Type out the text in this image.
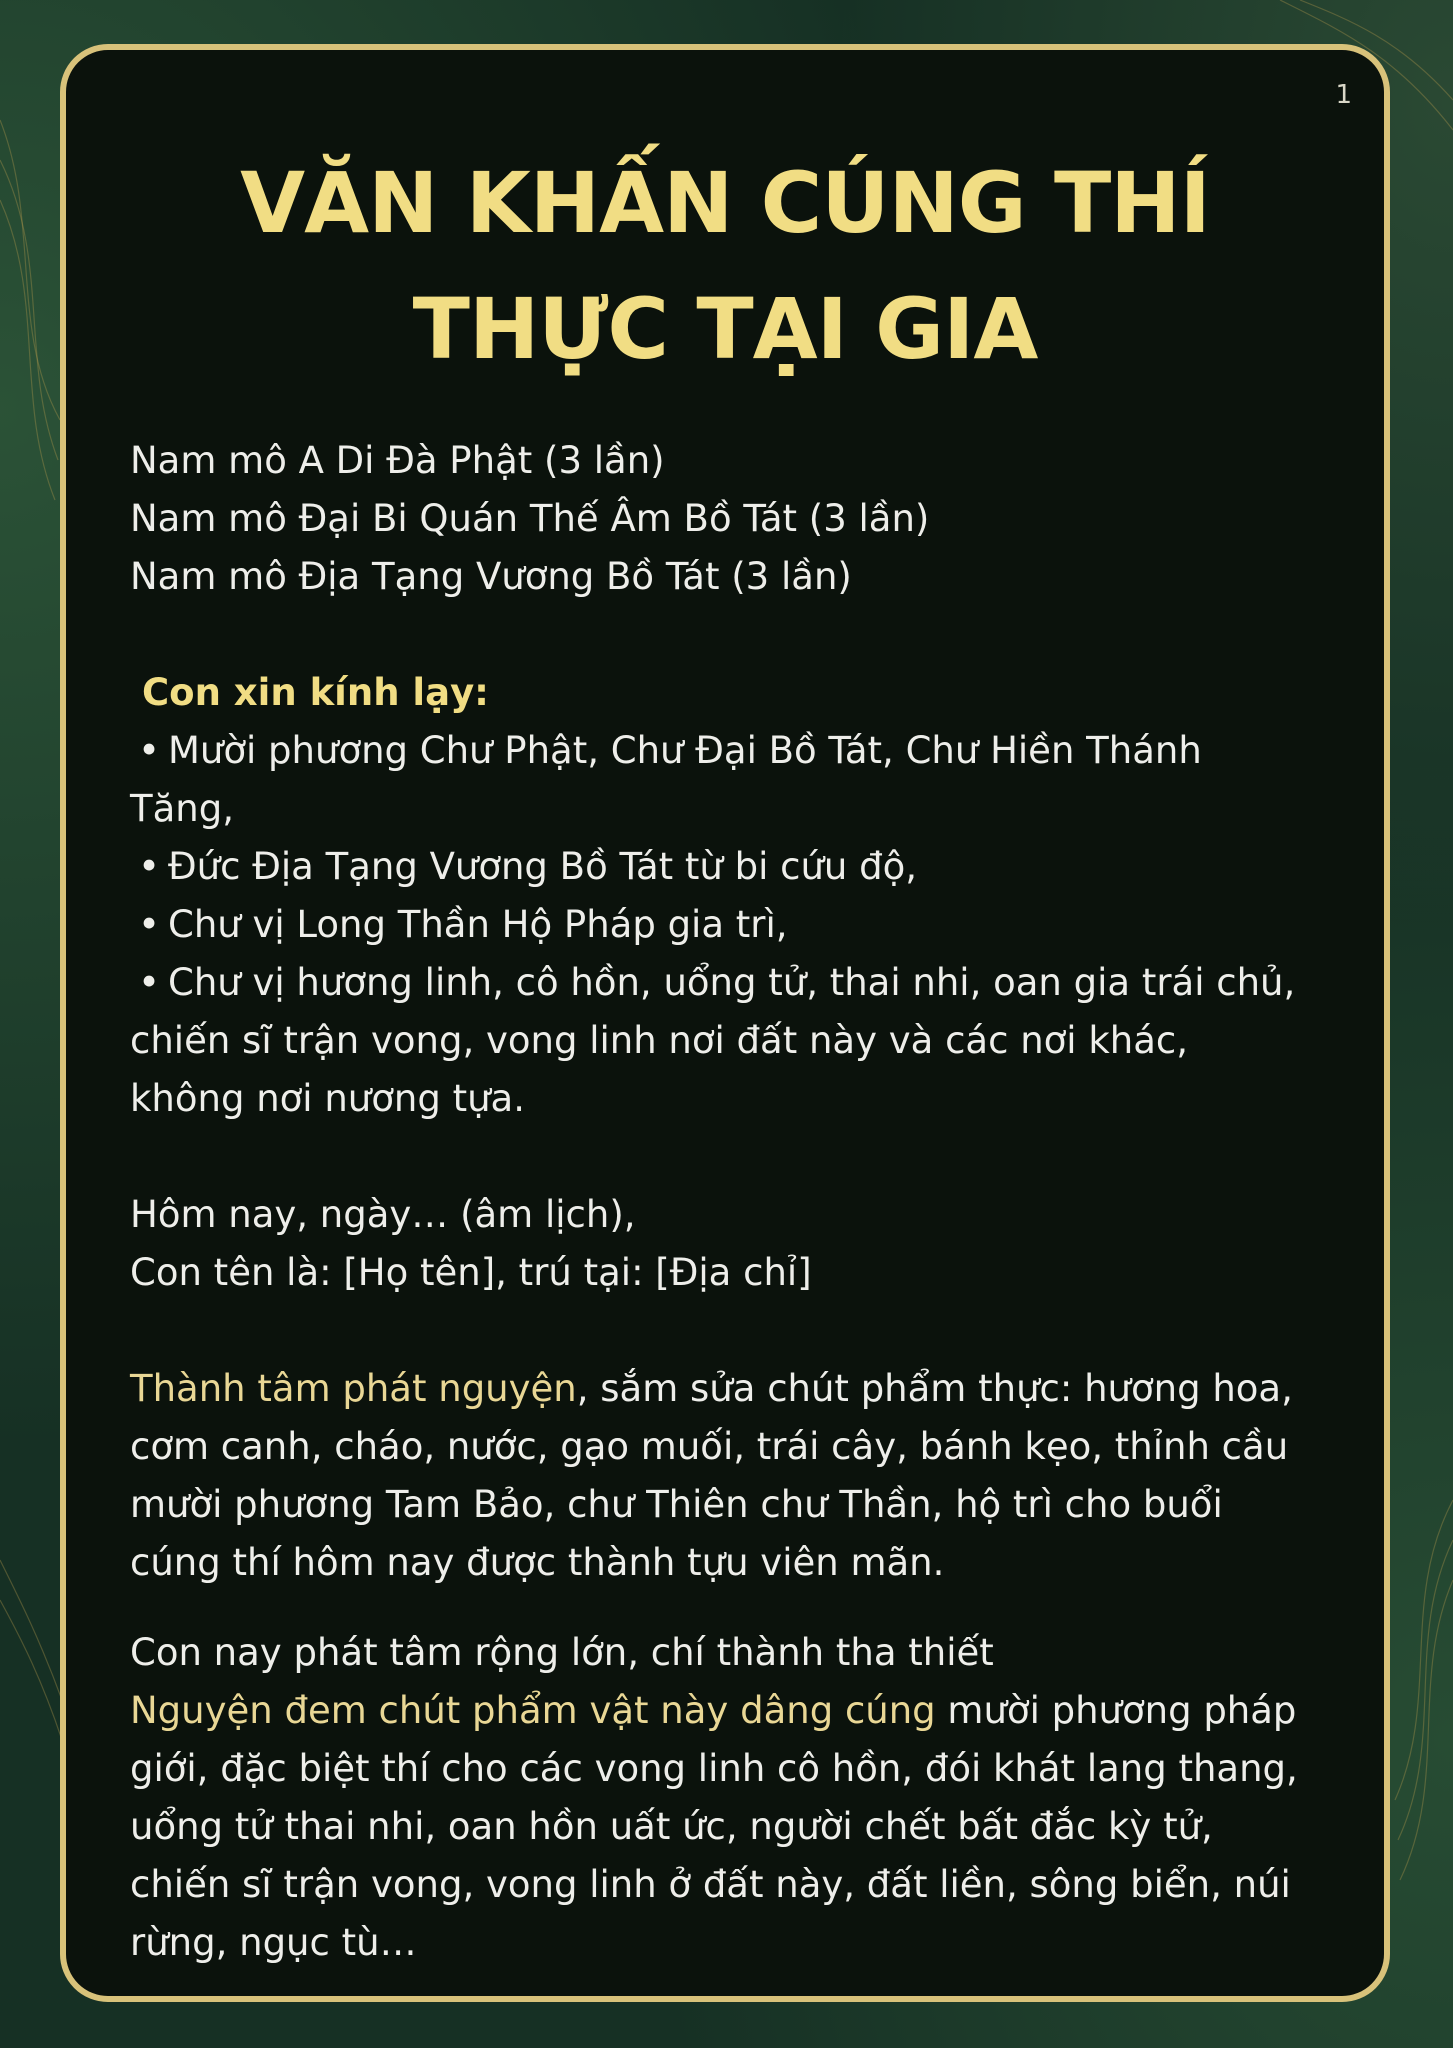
1
VĂN KHẤN CÚNG THÍ
THỰC TẠI GIA

Nam mô A Di Đà Phật (3 lần)

Nam mô Đại Bi Quán Thế Âm Bồ Tát (3 lần)

Nam mô Địa Tạng Vương Bồ Tát (3 lần)

Con xin kính lạy:

• Mười phương Chư Phật, Chư Đại Bồ Tát, Chư Hiền Thánh Tăng,

• Đức Địa Tạng Vương Bồ Tát từ bi cứu độ,

• Chư vị Long Thần Hộ Pháp gia trì,

• Chư vị hương linh, cô hồn, uổng tử, thai nhi, oan gia trái chủ, chiến sĩ trận vong, vong linh nơi đất này và các nơi khác, không nơi nương tựa.

Hôm nay, ngày… (âm lịch),

Con tên là: [Họ tên], trú tại: [Địa chỉ]

Thành tâm phát nguyện, sắm sửa chút phẩm thực: hương hoa, cơm canh, cháo, nước, gạo muối, trái cây, bánh kẹo, thỉnh cầu mười phương Tam Bảo, chư Thiên chư Thần, hộ trì cho buổi cúng thí hôm nay được thành tựu viên mãn.

Con nay phát tâm rộng lớn, chí thành tha thiết

Nguyện đem chút phẩm vật này dâng cúng mười phương pháp giới, đặc biệt thí cho các vong linh cô hồn, đói khát lang thang, uổng tử thai nhi, oan hồn uất ức, người chết bất đắc kỳ tử, chiến sĩ trận vong, vong linh ở đất này, đất liền, sông biển, núi rừng, ngục tù…
